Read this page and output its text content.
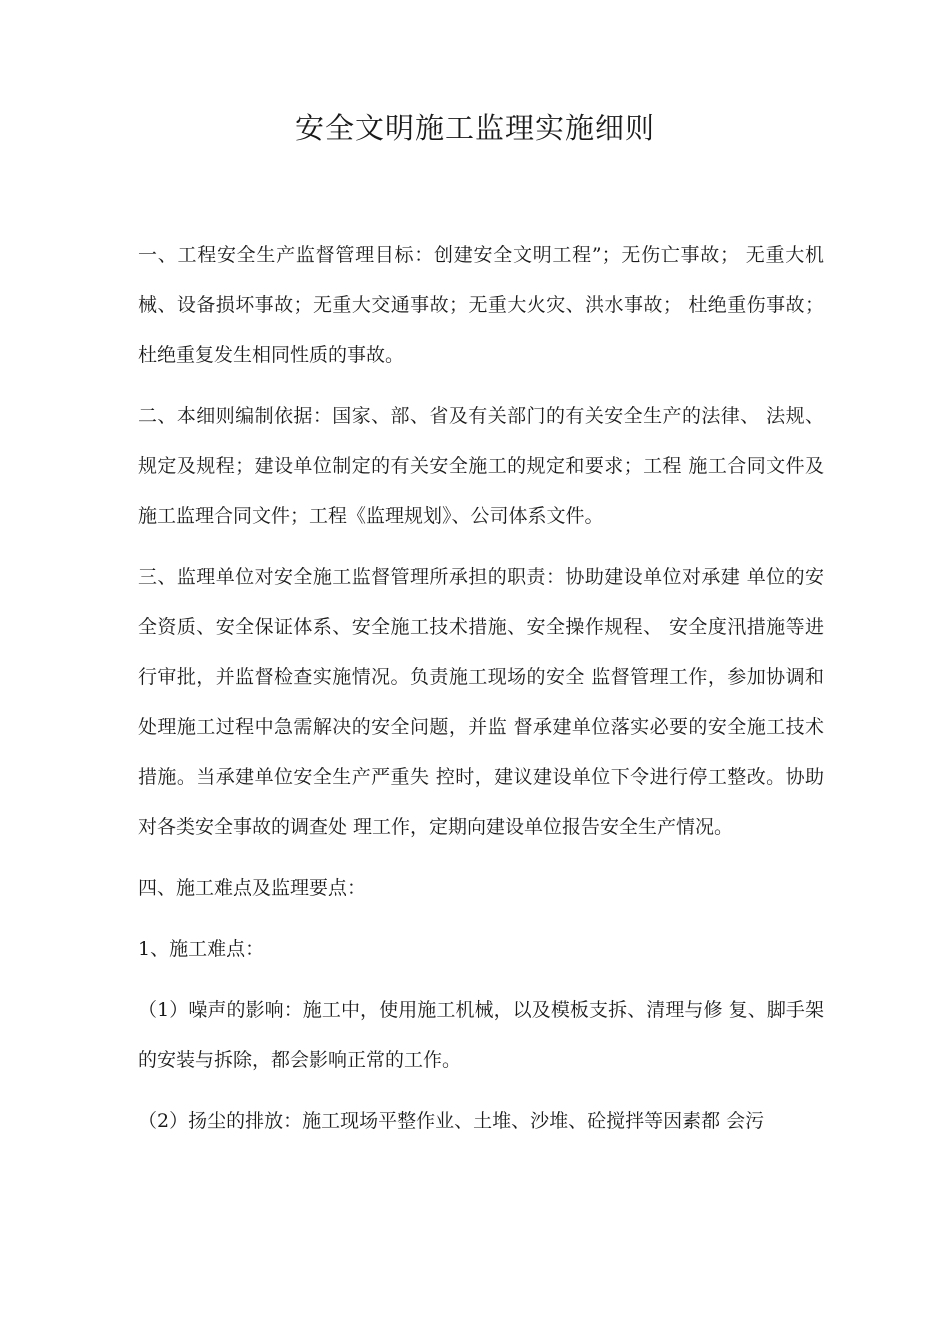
安全文明施工监理实施细则

一、工程安全生产监督管理目标：创建安全文明工程”；无伤亡事故； 无重大机械、设备损坏事故；无重大交通事故；无重大火灾、洪水事故； 杜绝重伤事故；杜绝重复发生相同性质的事故。

二、本细则编制依据：国家、部、省及有关部门的有关安全生产的法律、 法规、规定及规程；建设单位制定的有关安全施工的规定和要求；工程 施工合同文件及施工监理合同文件；工程《监理规划》、公司体系文件。

三、监理单位对安全施工监督管理所承担的职责：协助建设单位对承建 单位的安全资质、安全保证体系、安全施工技术措施、安全操作规程、 安全度汛措施等进行审批，并监督检查实施情况。负责施工现场的安全 监督管理工作，参加协调和处理施工过程中急需解决的安全问题，并监 督承建单位落实必要的安全施工技术措施。当承建单位安全生产严重失 控时，建议建设单位下令进行停工整改。协助对各类安全事故的调查处 理工作，定期向建设单位报告安全生产情况。

四、施工难点及监理要点：

1、施工难点：

（1）噪声的影响：施工中，使用施工机械，以及模板支拆、清理与修 复、脚手架的安装与拆除，都会影响正常的工作。

（2）扬尘的排放：施工现场平整作业、土堆、沙堆、砼搅拌等因素都 会污
